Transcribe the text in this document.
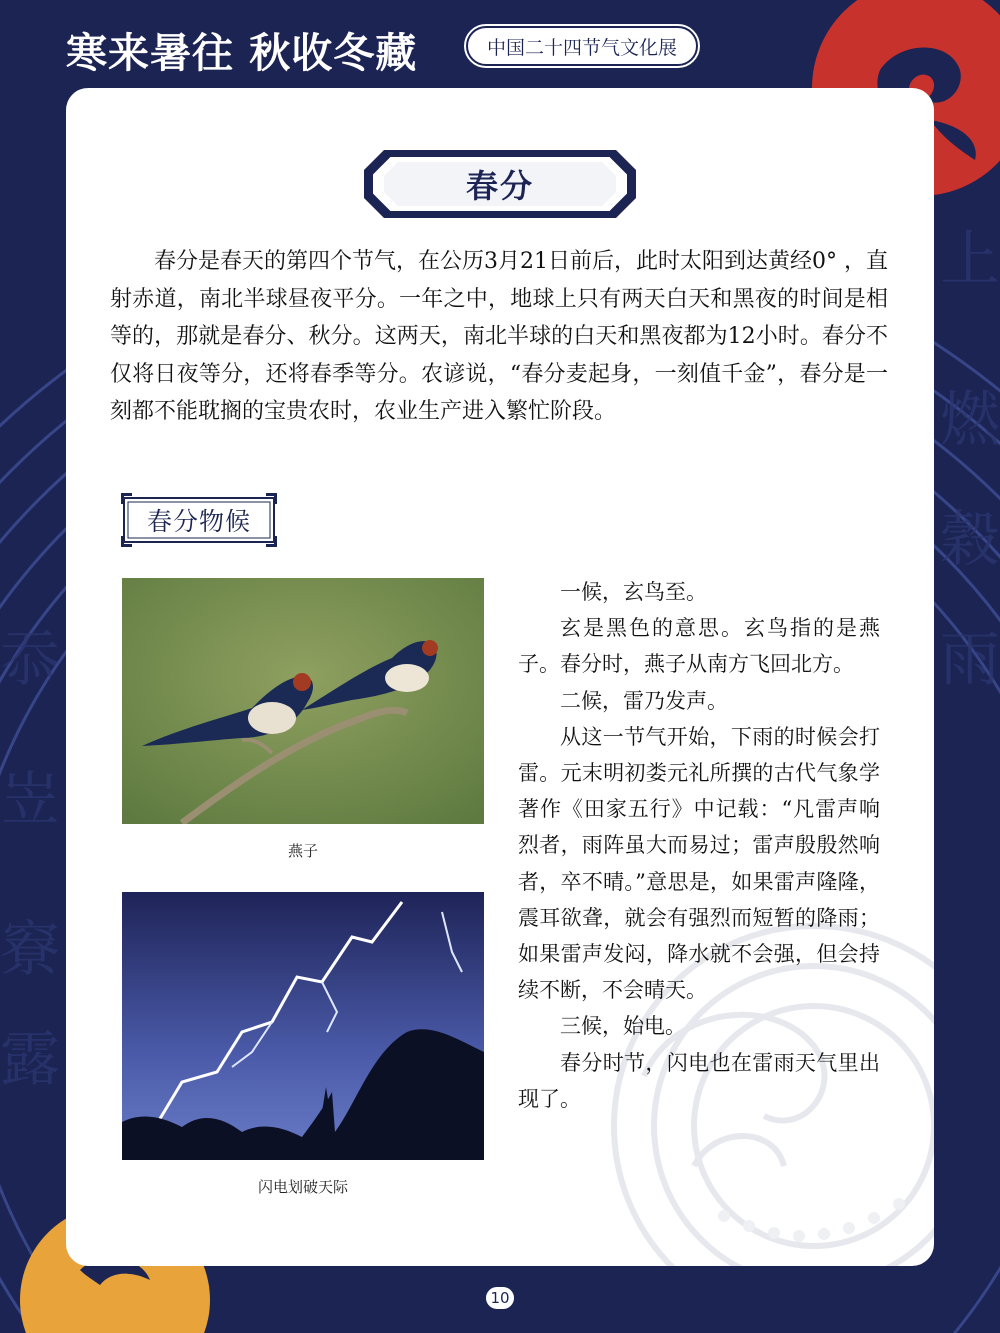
忝
岦
竂
露
上
燃
穀
雨
寒来暑往 秋收冬藏	中国二十四节气文化展
春分

春分是春天的第四个节气，在公历3月21日前后，此时太阳到达黄经0° ，直射赤道，南北半球昼夜平分。一年之中，地球上只有两天白天和黑夜的时间是相等的，那就是春分、秋分。这两天，南北半球的白天和黑夜都为12小时。春分不仅将日夜等分，还将春季等分。农谚说，“春分麦起身，一刻值千金”，春分是一刻都不能耽搁的宝贵农时，农业生产进入繁忙阶段。

春分物候
燕子
闪电划破天际

一候，玄鸟至。

玄是黑色的意思。玄鸟指的是燕子。春分时，燕子从南方飞回北方。

二候，雷乃发声。

从这一节气开始，下雨的时候会打雷。元末明初娄元礼所撰的古代气象学著作《田家五行》中记载：“凡雷声响烈者，雨阵虽大而易过；雷声殷殷然响者，卒不晴。”意思是，如果雷声隆隆，震耳欲聋，就会有强烈而短暂的降雨；如果雷声发闷，降水就不会强，但会持续不断，不会晴天。

三候，始电。

春分时节，闪电也在雷雨天气里出现了。

10
